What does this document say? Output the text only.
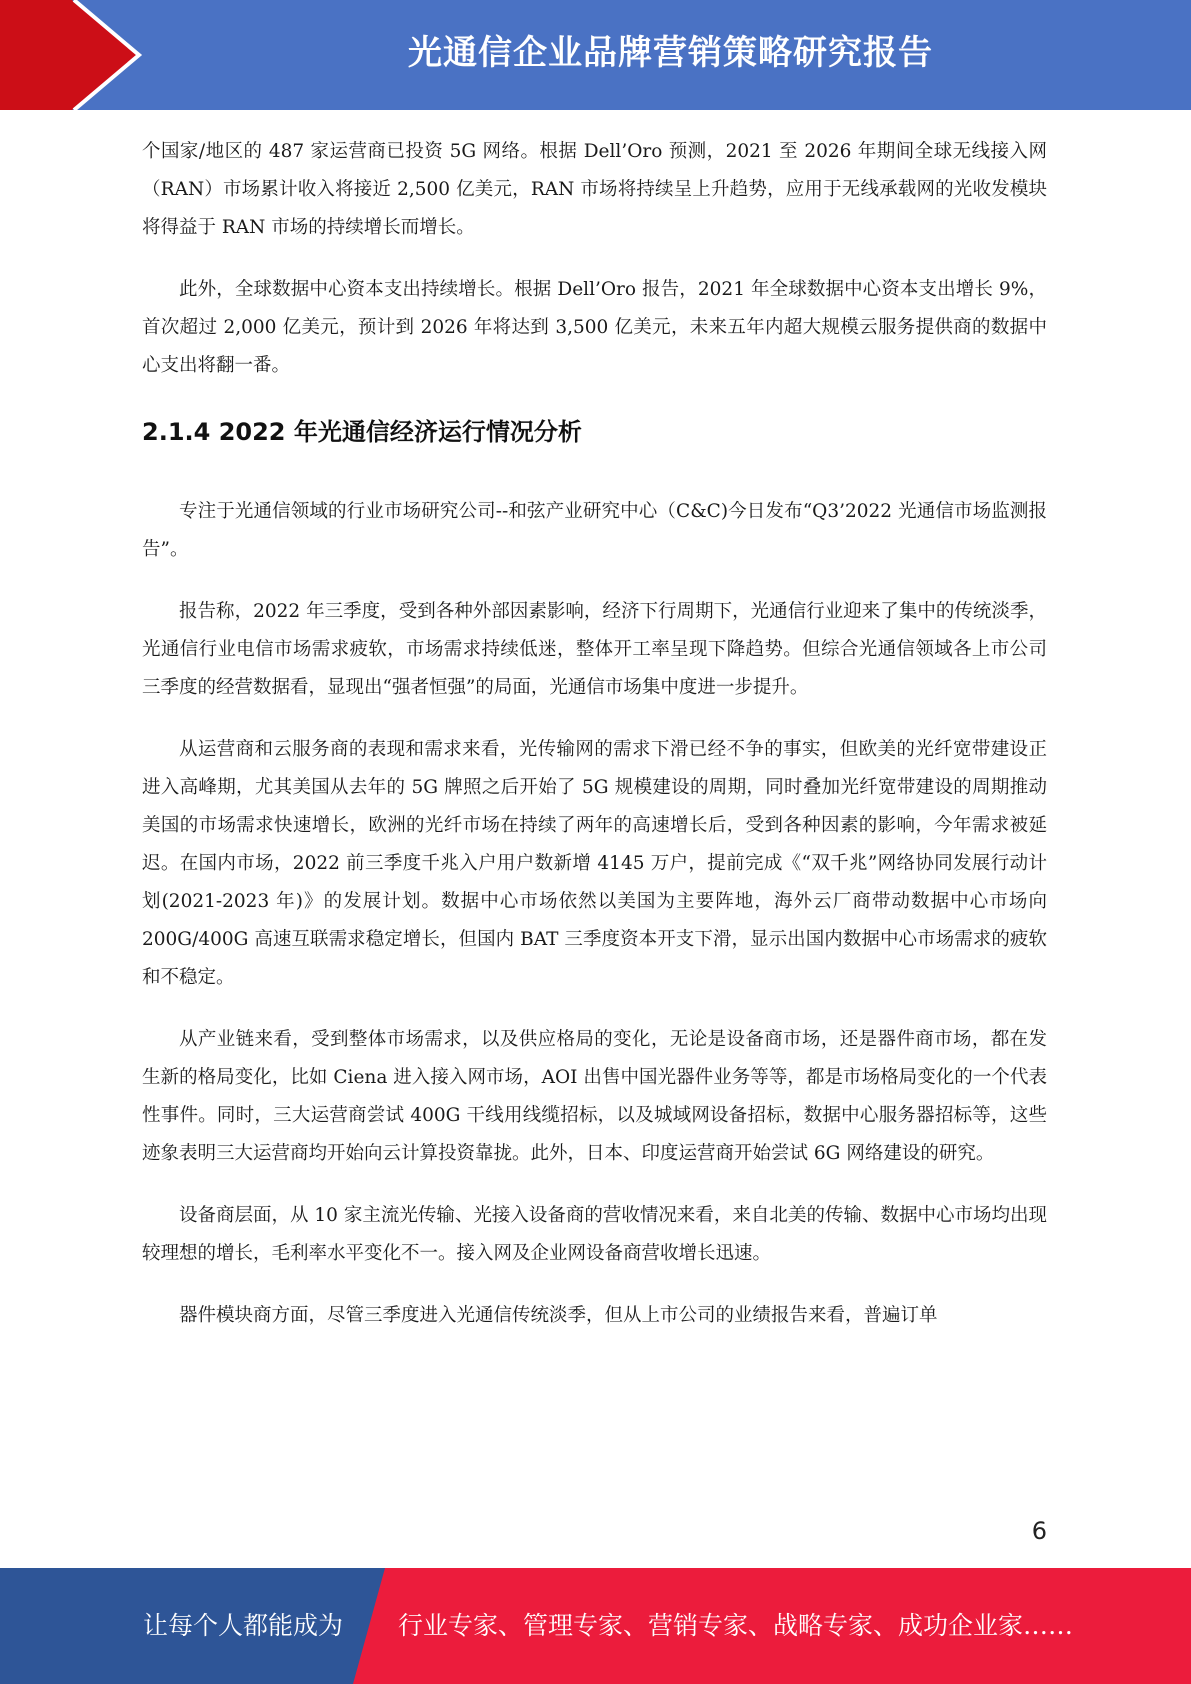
光通信企业品牌营销策略研究报告

个国家/地区的 487 家运营商已投资 5G 网络。根据 Dell’Oro 预测，2021 至 2026 年期间全球无线接入网（RAN）市场累计收入将接近 2,500 亿美元，RAN 市场将持续呈上升趋势，应用于无线承载网的光收发模块将得益于 RAN 市场的持续增长而增长。

此外，全球数据中心资本支出持续增长。根据 Dell’Oro 报告，2021 年全球数据中心资本支出增长 9%，首次超过 2,000 亿美元，预计到 2026 年将达到 3,500 亿美元，未来五年内超大规模云服务提供商的数据中心支出将翻一番。

2.1.4 2022 年光通信经济运行情况分析

专注于光通信领域的行业市场研究公司--和弦产业研究中心（C&C)今日发布“Q3’2022 光通信市场监测报告”。

报告称，2022 年三季度，受到各种外部因素影响，经济下行周期下，光通信行业迎来了集中的传统淡季，光通信行业电信市场需求疲软，市场需求持续低迷，整体开工率呈现下降趋势。但综合光通信领域各上市公司三季度的经营数据看，显现出“强者恒强”的局面，光通信市场集中度进一步提升。

从运营商和云服务商的表现和需求来看，光传输网的需求下滑已经不争的事实，但欧美的光纤宽带建设正进入高峰期，尤其美国从去年的 5G 牌照之后开始了 5G 规模建设的周期，同时叠加光纤宽带建设的周期推动美国的市场需求快速增长，欧洲的光纤市场在持续了两年的高速增长后，受到各种因素的影响，今年需求被延迟。在国内市场，2022 前三季度千兆入户用户数新增 4145 万户，提前完成《“双千兆”网络协同发展行动计划(2021-2023 年)》的发展计划。数据中心市场依然以美国为主要阵地，海外云厂商带动数据中心市场向 200G/400G 高速互联需求稳定增长，但国内 BAT 三季度资本开支下滑，显示出国内数据中心市场需求的疲软和不稳定。

从产业链来看，受到整体市场需求，以及供应格局的变化，无论是设备商市场，还是器件商市场，都在发生新的格局变化，比如 Ciena 进入接入网市场，AOI 出售中国光器件业务等等，都是市场格局变化的一个代表性事件。同时，三大运营商尝试 400G 干线用线缆招标，以及城域网设备招标，数据中心服务器招标等，这些迹象表明三大运营商均开始向云计算投资靠拢。此外，日本、印度运营商开始尝试 6G 网络建设的研究。

设备商层面，从 10 家主流光传输、光接入设备商的营收情况来看，来自北美的传输、数据中心市场均出现较理想的增长，毛利率水平变化不一。接入网及企业网设备商营收增长迅速。

器件模块商方面，尽管三季度进入光通信传统淡季，但从上市公司的业绩报告来看，普遍订单

6
让每个人都能成为 行业专家、管理专家、营销专家、战略专家、成功企业家……
